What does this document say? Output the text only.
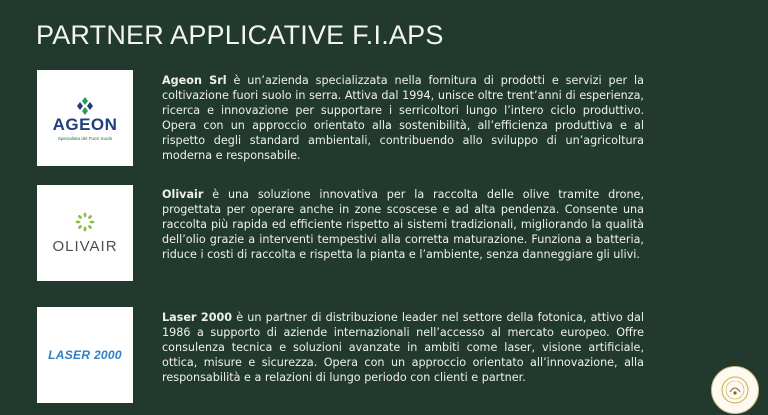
PARTNER APPLICATIVE F.I.APS
AGEON
Specialista del Fuori Suolo

Ageon Srl è un’azienda specializzata nella fornitura di prodotti e servizi per la coltivazione fuori suolo in serra. Attiva dal 1994, unisce oltre trent’anni di esperienza, ricerca e innovazione per supportare i serricoltori lungo l’intero ciclo produttivo. Opera con un approccio orientato alla sostenibilità, all’efficienza produttiva e al rispetto degli standard ambientali, contribuendo allo sviluppo di un’agricoltura moderna e responsabile.

OLIVAIR

Olivair è una soluzione innovativa per la raccolta delle olive tramite drone, progettata per operare anche in zone scoscese e ad alta pendenza. Consente una raccolta più rapida ed efficiente rispetto ai sistemi tradizionali, migliorando la qualità dell’olio grazie a interventi tempestivi alla corretta maturazione. Funziona a batteria, riduce i costi di raccolta e rispetta la pianta e l’ambiente, senza danneggiare gli ulivi.

LASER 2000

Laser 2000 è un partner di distribuzione leader nel settore della fotonica, attivo dal 1986 a supporto di aziende internazionali nell’accesso al mercato europeo. Offre consulenza tecnica e soluzioni avanzate in ambiti come laser, visione artificiale, ottica, misure e sicurezza. Opera con un approccio orientato all’innovazione, alla responsabilità e a relazioni di lungo periodo con clienti e partner.
